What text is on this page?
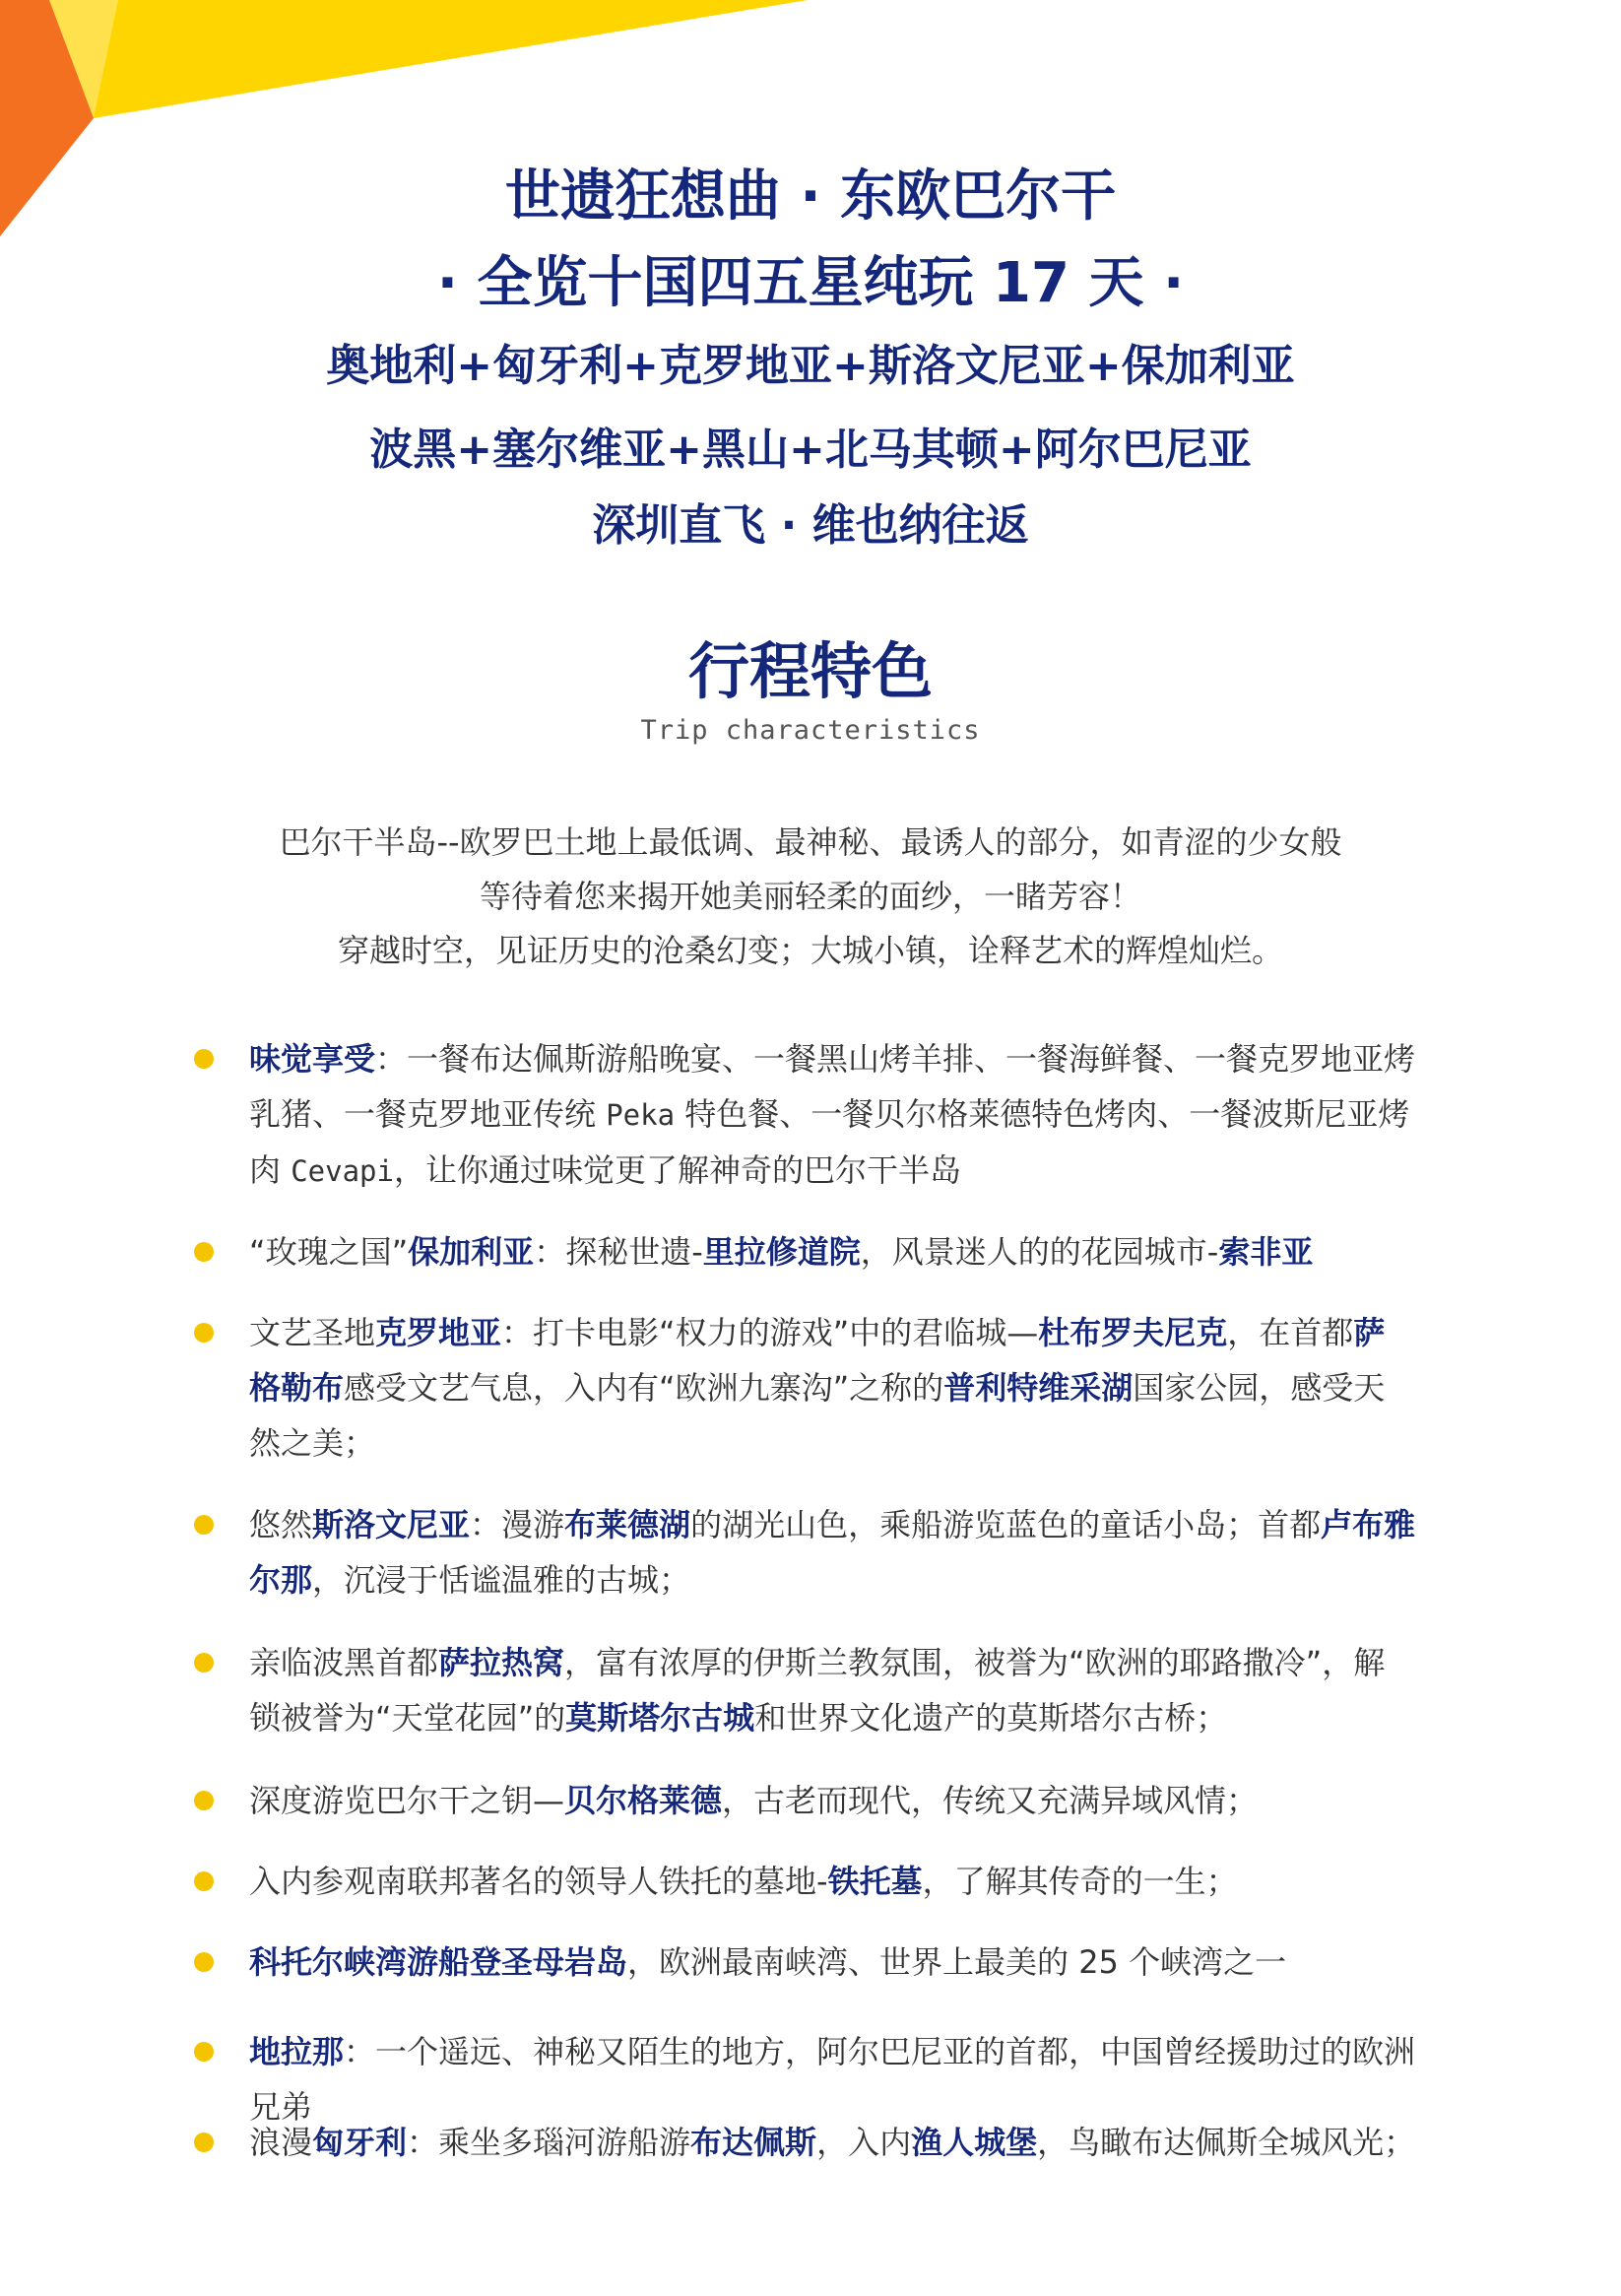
世遗狂想曲 · 东欧巴尔干
· 全览十国四五星纯玩 17 天 ·
奥地利+匈牙利+克罗地亚+斯洛文尼亚+保加利亚
波黑+塞尔维亚+黑山+北马其顿+阿尔巴尼亚
深圳直飞 · 维也纳往返
行程特色
Trip characteristics
巴尔干半岛--欧罗巴土地上最低调、最神秘、最诱人的部分，如青涩的少女般
等待着您来揭开她美丽轻柔的面纱，一睹芳容！
穿越时空，见证历史的沧桑幻变；大城小镇，诠释艺术的辉煌灿烂。
味觉享受：一餐布达佩斯游船晚宴、一餐黑山烤羊排、一餐海鲜餐、一餐克罗地亚烤
乳猪、一餐克罗地亚传统 Peka 特色餐、一餐贝尔格莱德特色烤肉、一餐波斯尼亚烤
肉 Cevapi，让你通过味觉更了解神奇的巴尔干半岛
“玫瑰之国”保加利亚：探秘世遗-里拉修道院，风景迷人的的花园城市-索非亚
文艺圣地克罗地亚：打卡电影“权力的游戏”中的君临城—杜布罗夫尼克，在首都萨
格勒布感受文艺气息，入内有“欧洲九寨沟”之称的普利特维采湖国家公园，感受天
然之美；
悠然斯洛文尼亚：漫游布莱德湖的湖光山色，乘船游览蓝色的童话小岛；首都卢布雅
尔那，沉浸于恬谧温雅的古城；
亲临波黑首都萨拉热窝，富有浓厚的伊斯兰教氛围，被誉为“欧洲的耶路撒冷”，解
锁被誉为“天堂花园”的莫斯塔尔古城和世界文化遗产的莫斯塔尔古桥；
深度游览巴尔干之钥—贝尔格莱德，古老而现代，传统又充满异域风情；
入内参观南联邦著名的领导人铁托的墓地-铁托墓，了解其传奇的一生；
科托尔峡湾游船登圣母岩岛，欧洲最南峡湾、世界上最美的 25 个峡湾之一
地拉那：一个遥远、神秘又陌生的地方，阿尔巴尼亚的首都，中国曾经援助过的欧洲
兄弟
浪漫匈牙利：乘坐多瑙河游船游布达佩斯，入内渔人城堡，鸟瞰布达佩斯全城风光；
